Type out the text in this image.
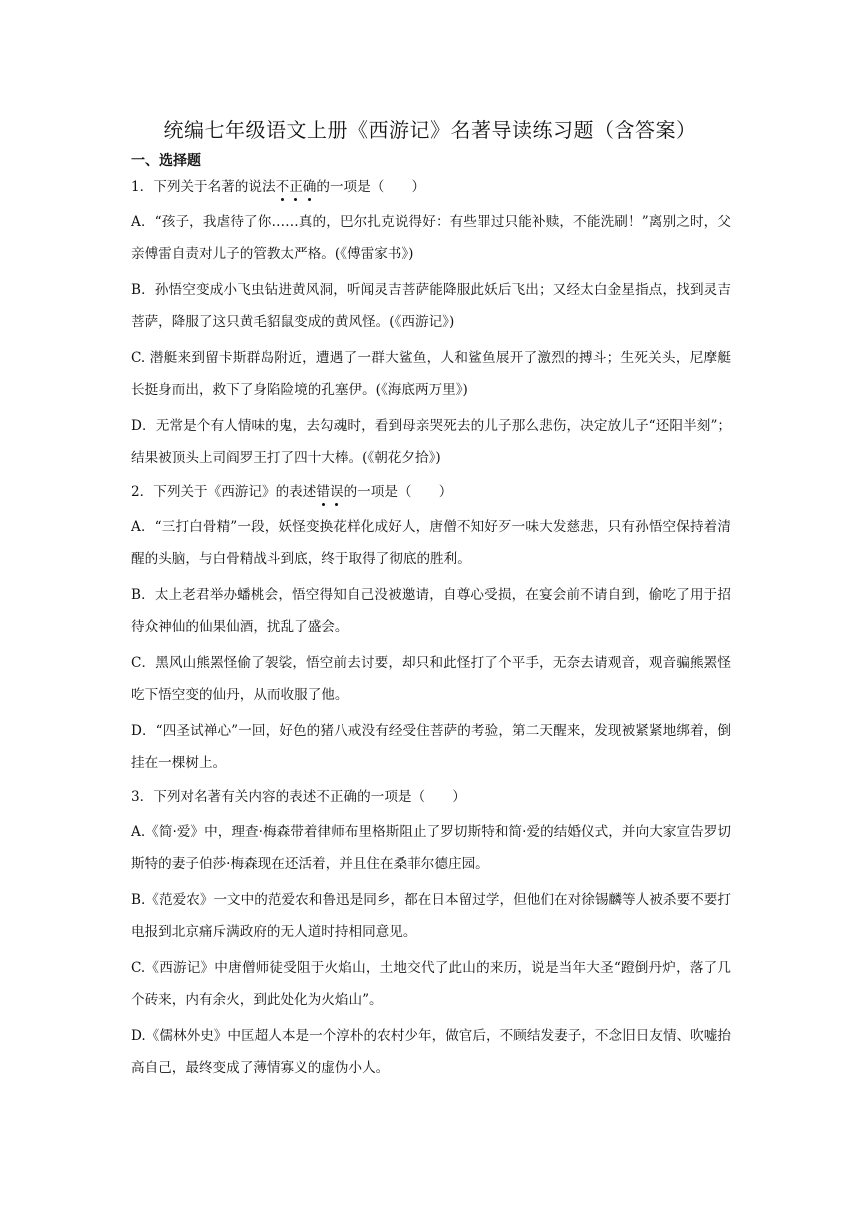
统编七年级语文上册《西游记》名著导读练习题（含答案）
一、选择题
1．下列关于名著的说法不正确的一项是（　　）
A．“孩子，我虐待了你……真的，巴尔扎克说得好：有些罪过只能补赎，不能洗刷！”离别之时，父亲傅雷自责对儿子的管教太严格。(《傅雷家书》)
B．孙悟空变成小飞虫钻进黄风洞，听闻灵吉菩萨能降服此妖后飞出；又经太白金星指点，找到灵吉菩萨，降服了这只黄毛貂鼠变成的黄风怪。(《西游记》)
C. 潜艇来到留卡斯群岛附近，遭遇了一群大鲨鱼，人和鲨鱼展开了激烈的搏斗；生死关头，尼摩艇长挺身而出，救下了身陷险境的孔塞伊。(《海底两万里》)
D．无常是个有人情味的鬼，去勾魂时，看到母亲哭死去的儿子那么悲伤，决定放儿子“还阳半刻”；结果被顶头上司阎罗王打了四十大棒。(《朝花夕拾》)
2．下列关于《西游记》的表述错误的一项是（　　）
A．“三打白骨精”一段，妖怪变换花样化成好人，唐僧不知好歹一味大发慈悲，只有孙悟空保持着清醒的头脑，与白骨精战斗到底，终于取得了彻底的胜利。
B．太上老君举办蟠桃会，悟空得知自己没被邀请，自尊心受损，在宴会前不请自到，偷吃了用于招待众神仙的仙果仙酒，扰乱了盛会。
C．黑风山熊罴怪偷了袈裟，悟空前去讨要，却只和此怪打了个平手，无奈去请观音，观音骗熊罴怪吃下悟空变的仙丹，从而收服了他。
D．“四圣试禅心”一回，好色的猪八戒没有经受住菩萨的考验，第二天醒来，发现被紧紧地绑着，倒挂在一棵树上。
3．下列对名著有关内容的表述不正确的一项是（　　）
A.《简·爱》中，理查·梅森带着律师布里格斯阻止了罗切斯特和简·爱的结婚仪式，并向大家宣告罗切斯特的妻子伯莎·梅森现在还活着，并且住在桑菲尔德庄园。
B.《范爱农》一文中的范爱农和鲁迅是同乡，都在日本留过学，但他们在对徐锡麟等人被杀要不要打电报到北京痛斥满政府的无人道时持相同意见。
C.《西游记》中唐僧师徒受阻于火焰山，土地交代了此山的来历，说是当年大圣“蹬倒丹炉，落了几个砖来，内有余火，到此处化为火焰山”。
D.《儒林外史》中匡超人本是一个淳朴的农村少年，做官后，不顾结发妻子，不念旧日友情、吹嘘抬高自己，最终变成了薄情寡义的虚伪小人。
